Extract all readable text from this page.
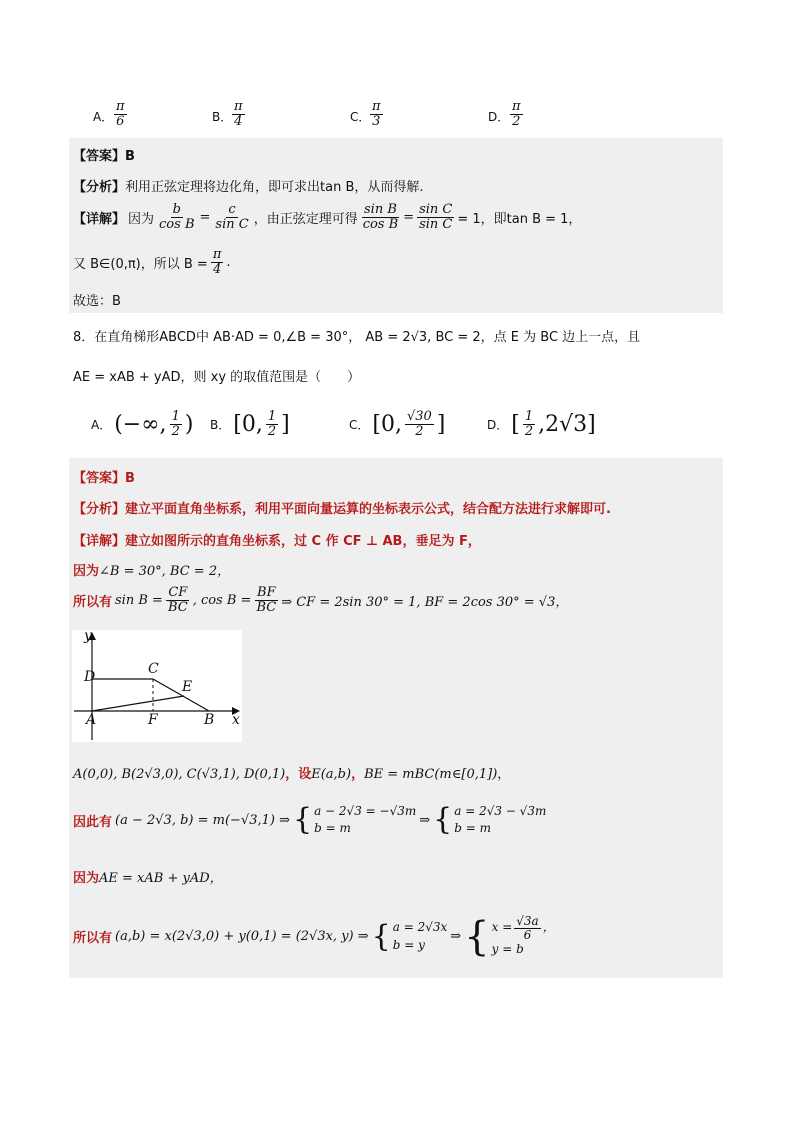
A． $\frac{\pi}{6}$	B． $\frac{\pi}{4}$	C． $\frac{\pi}{3}$	D． $\frac{\pi}{2}$
【答案】B
【分析】利用正弦定理将边化角，即可求出tan B，从而得解.
【详解】 因为 $\frac{b}{\text{cos B}} = \frac{c}{\text{sin C}}$ ，由正弦定理可得 $\frac{\text{sin B}}{\text{cos B}} = \frac{\text{sin C}}{\text{sin C}} = 1$，即tan B = 1，
又 B∈(0,π)，所以 $B = \frac{\pi}{4}$ .
故选：B
8．在直角梯形ABCD中 AB·AD = 0,∠B = 30°， AB = 2√3, BC = 2，点 E 为 BC 边上一点，且
AE = xAB + yAD，则 xy 的取值范围是（　　）
A． (−∞, $\frac{1}{2}$ ) B． [0, $\frac{1}{2}$ ]	C． [0, $\frac{√30}{2}$ ]	D． [ $\frac{1}{2} ,2√3$]
【答案】B
【分析】建立平面直角坐标系，利用平面向量运算的坐标表示公式，结合配方法进行求解即可.
【详解】建立如图所示的直角坐标系，过 C 作 CF ⊥ AB，垂足为 F，
因为∠B = 30°, BC = 2，
所以有 $\sin B = \frac{CF}{BC}$ , $\cos B = \frac{BF}{BC}$ ⇒ CF = 2sin 30° = 1, BF = 2cos 30° = √3，
y
x
D	C
E
A	F	B
A(0,0), B(2√3,0), C(√3,1), D(0,1)，设E(a,b)，BE = mBC(m∈[0,1])，
因此有 (a − 2√3, b) = m(−√3,1) ⇒ { a − 2√3 = −√3m
b = m
⇒ { a = 2√3 − √3m
b = m
因为AE = xAB + yAD，
所以有 (a,b) = x(2√3,0) + y(0,1) = (2√3x, y) ⇒ { a = 2√3x
b = y
⇒ { $x = \frac{√3a}{6}$ ，
y = b
